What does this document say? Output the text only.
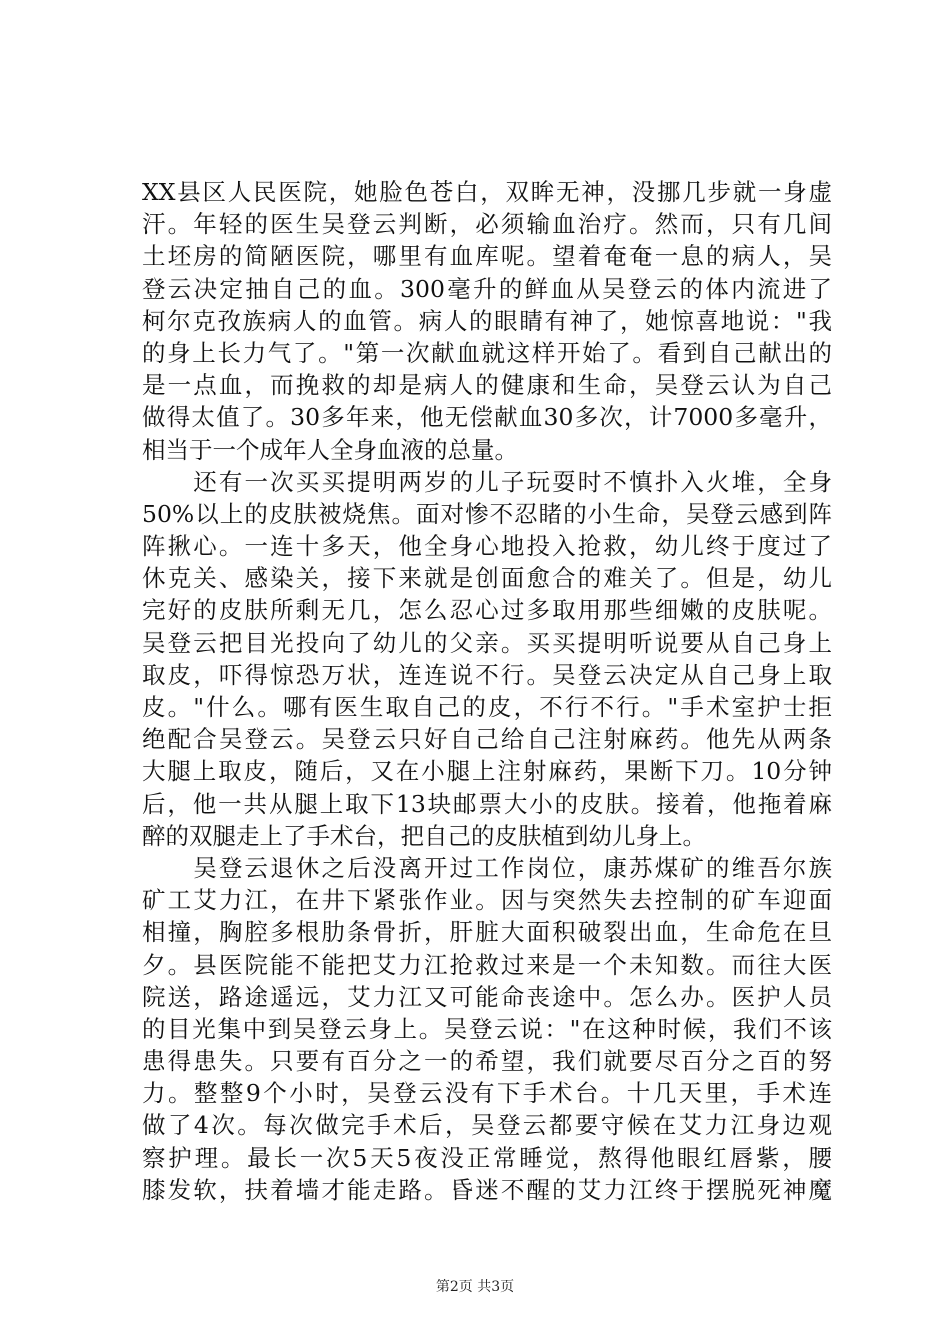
XX县区人民医院，她脸色苍白，双眸无神，没挪几步就一身虚
汗。年轻的医生吴登云判断，必须输血治疗。然而，只有几间
土坯房的简陋医院，哪里有血库呢。望着奄奄一息的病人，吴
登云决定抽自己的血。300毫升的鲜血从吴登云的体内流进了
柯尔克孜族病人的血管。病人的眼睛有神了，她惊喜地说："我
的身上长力气了。"第一次献血就这样开始了。看到自己献出的
是一点血，而挽救的却是病人的健康和生命，吴登云认为自己
做得太值了。30多年来，他无偿献血30多次，计7000多毫升，
相当于一个成年人全身血液的总量。
　　还有一次买买提明两岁的儿子玩耍时不慎扑入火堆，全身
50%以上的皮肤被烧焦。面对惨不忍睹的小生命，吴登云感到阵
阵揪心。一连十多天，他全身心地投入抢救，幼儿终于度过了
休克关、感染关，接下来就是创面愈合的难关了。但是，幼儿
完好的皮肤所剩无几，怎么忍心过多取用那些细嫩的皮肤呢。
吴登云把目光投向了幼儿的父亲。买买提明听说要从自己身上
取皮，吓得惊恐万状，连连说不行。吴登云决定从自己身上取
皮。"什么。哪有医生取自己的皮，不行不行。"手术室护士拒
绝配合吴登云。吴登云只好自己给自己注射麻药。他先从两条
大腿上取皮，随后，又在小腿上注射麻药，果断下刀。10分钟
后，他一共从腿上取下13块邮票大小的皮肤。接着，他拖着麻
醉的双腿走上了手术台，把自己的皮肤植到幼儿身上。
　　吴登云退休之后没离开过工作岗位，康苏煤矿的维吾尔族
矿工艾力江，在井下紧张作业。因与突然失去控制的矿车迎面
相撞，胸腔多根肋条骨折，肝脏大面积破裂出血，生命危在旦
夕。县医院能不能把艾力江抢救过来是一个未知数。而往大医
院送，路途遥远，艾力江又可能命丧途中。怎么办。医护人员
的目光集中到吴登云身上。吴登云说："在这种时候，我们不该
患得患失。只要有百分之一的希望，我们就要尽百分之百的努
力。整整9个小时，吴登云没有下手术台。十几天里，手术连
做了4次。每次做完手术后，吴登云都要守候在艾力江身边观
察护理。最长一次5天5夜没正常睡觉，熬得他眼红唇紫，腰
膝发软，扶着墙才能走路。昏迷不醒的艾力江终于摆脱死神魔
第2页 共3页
